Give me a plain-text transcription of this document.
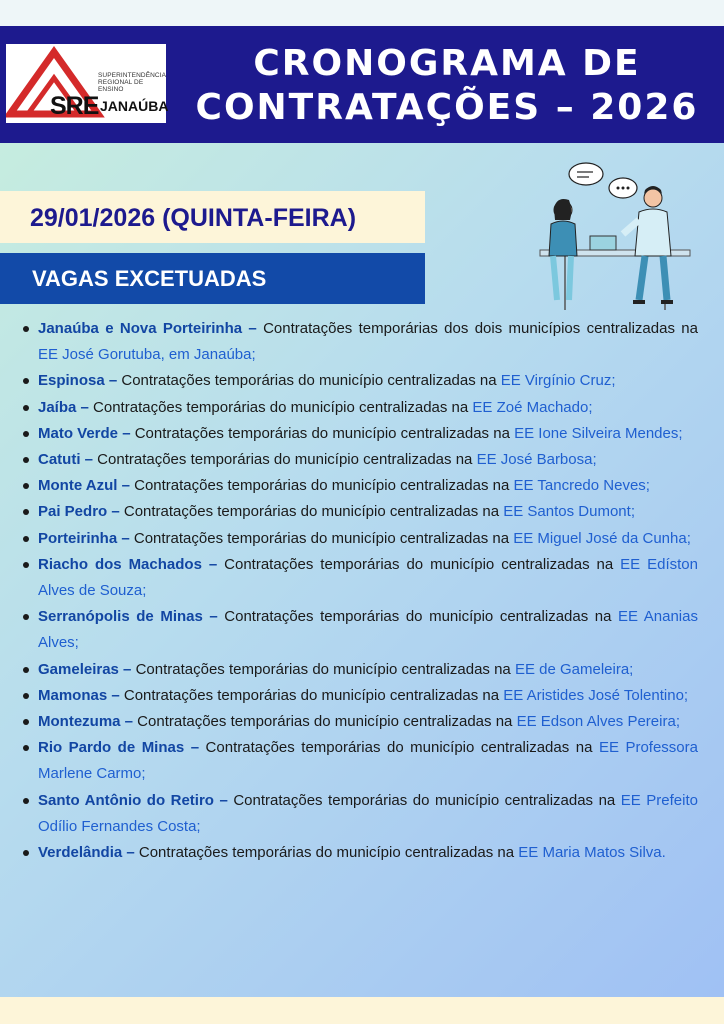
SUPERINTENDÊNCIA
REGIONAL DE ENSINO
SRE JANAÚBA
CRONOGRAMA DE
CONTRATAÇÕES – 2026
29/01/2026 (QUINTA-FEIRA)
VAGAS EXCETUADAS
Janaúba e Nova Porteirinha – Contratações temporárias dos dois municípios centralizadas na EE José Gorutuba, em Janaúba;
Espinosa – Contratações temporárias do município centralizadas na EE Virgínio Cruz;
Jaíba – Contratações temporárias do município centralizadas na EE Zoé Machado;
Mato Verde – Contratações temporárias do município centralizadas na EE Ione Silveira Mendes;
Catuti – Contratações temporárias do município centralizadas na EE José Barbosa;
Monte Azul – Contratações temporárias do município centralizadas na EE Tancredo Neves;
Pai Pedro – Contratações temporárias do município centralizadas na EE Santos Dumont;
Porteirinha – Contratações temporárias do município centralizadas na EE Miguel José da Cunha;
Riacho dos Machados – Contratações temporárias do município centralizadas na EE Edíston Alves de Souza;
Serranópolis de Minas – Contratações temporárias do município centralizadas na EE Ananias Alves;
Gameleiras – Contratações temporárias do município centralizadas na EE de Gameleira;
Mamonas – Contratações temporárias do município centralizadas na EE Aristides José Tolentino;
Montezuma – Contratações temporárias do município centralizadas na EE Edson Alves Pereira;
Rio Pardo de Minas – Contratações temporárias do município centralizadas na EE Professora Marlene Carmo;
Santo Antônio do Retiro – Contratações temporárias do município centralizadas na EE Prefeito Odílio Fernandes Costa;
Verdelândia – Contratações temporárias do município centralizadas na EE Maria Matos Silva.
